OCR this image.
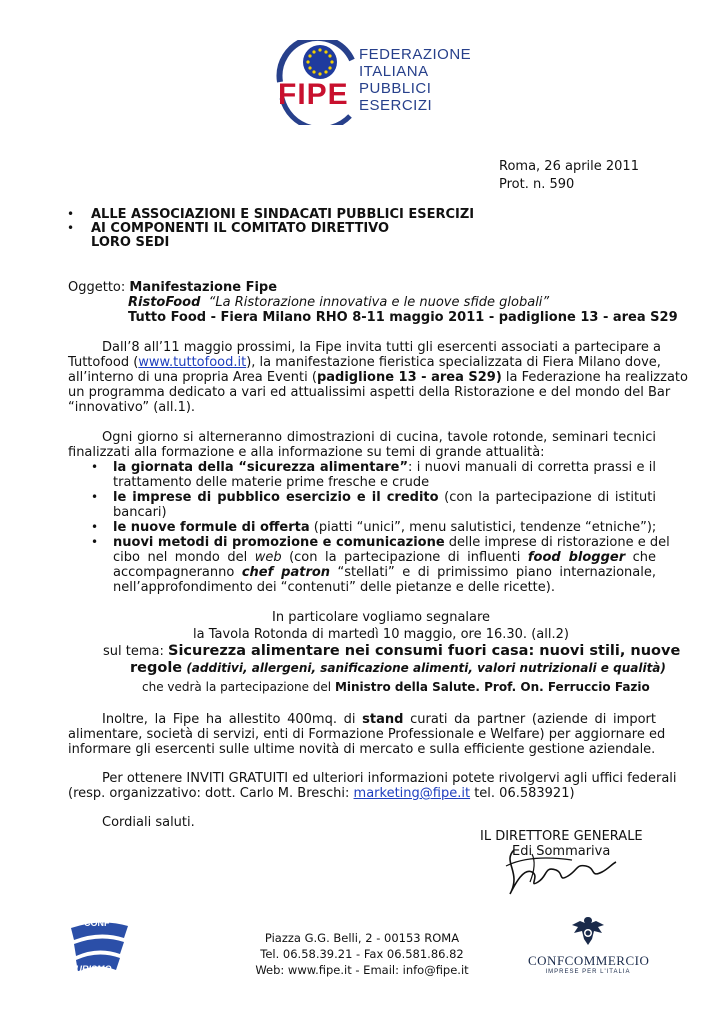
FIPE
FEDERAZIONE
ITALIANA
PUBBLICI
ESERCIZI
Roma, 26 aprile 2011
Prot. n. 590
• ALLE ASSOCIAZIONI E SINDACATI PUBBLICI ESERCIZI
• AI COMPONENTI IL COMITATO DIRETTIVO
LORO SEDI
Oggetto: Manifestazione Fipe
RistoFood “La Ristorazione innovativa e le nuove sfide globali”
Tutto Food - Fiera Milano RHO 8-11 maggio 2011 - padiglione 13 - area S29
Dall’8 all’11 maggio prossimi, la Fipe invita tutti gli esercenti associati a partecipare a
Tuttofood (www.tuttofood.it), la manifestazione fieristica specializzata di Fiera Milano dove,
all’interno di una propria Area Eventi (padiglione 13 - area S29) la Federazione ha realizzato
un programma dedicato a vari ed attualissimi aspetti della Ristorazione e del mondo del Bar
“innovativo” (all.1).
Ogni giorno si alterneranno dimostrazioni di cucina, tavole rotonde, seminari tecnici
finalizzati alla formazione e alla informazione su temi di grande attualità:
• la giornata della “sicurezza alimentare”: i nuovi manuali di corretta prassi e il
trattamento delle materie prime fresche e crude
• le imprese di pubblico esercizio e il credito (con la partecipazione di istituti
bancari)
• le nuove formule di offerta (piatti “unici”, menu salutistici, tendenze “etniche”);
• nuovi metodi di promozione e comunicazione delle imprese di ristorazione e del
cibo nel mondo del web (con la partecipazione di influenti food blogger che
accompagneranno chef patron “stellati” e di primissimo piano internazionale,
nell’approfondimento dei “contenuti” delle pietanze e delle ricette).
In particolare vogliamo segnalare
la Tavola Rotonda di martedì 10 maggio, ore 16.30. (all.2)
sul tema: Sicurezza alimentare nei consumi fuori casa: nuovi stili, nuove
regole (additivi, allergeni, sanificazione alimenti, valori nutrizionali e qualità)
che vedrà la partecipazione del Ministro della Salute. Prof. On. Ferruccio Fazio
Inoltre, la Fipe ha allestito 400mq. di stand curati da partner (aziende di import
alimentare, società di servizi, enti di Formazione Professionale e Welfare) per aggiornare ed
informare gli esercenti sulle ultime novità di mercato e sulla efficiente gestione aziendale.
Per ottenere INVITI GRATUITI ed ulteriori informazioni potete rivolgervi agli uffici federali
(resp. organizzativo: dott. Carlo M. Breschi: marketing@fipe.it tel. 06.583921)
Cordiali saluti.
IL DIRETTORE GENERALE
Edi Sommariva
CONF
TURISMO
Piazza G.G. Belli, 2 - 00153 ROMA
Tel. 06.58.39.21 - Fax 06.581.86.82
Web: www.fipe.it - Email: info@fipe.it
CONFCOMMERCIO
IMPRESE PER L'ITALIA
